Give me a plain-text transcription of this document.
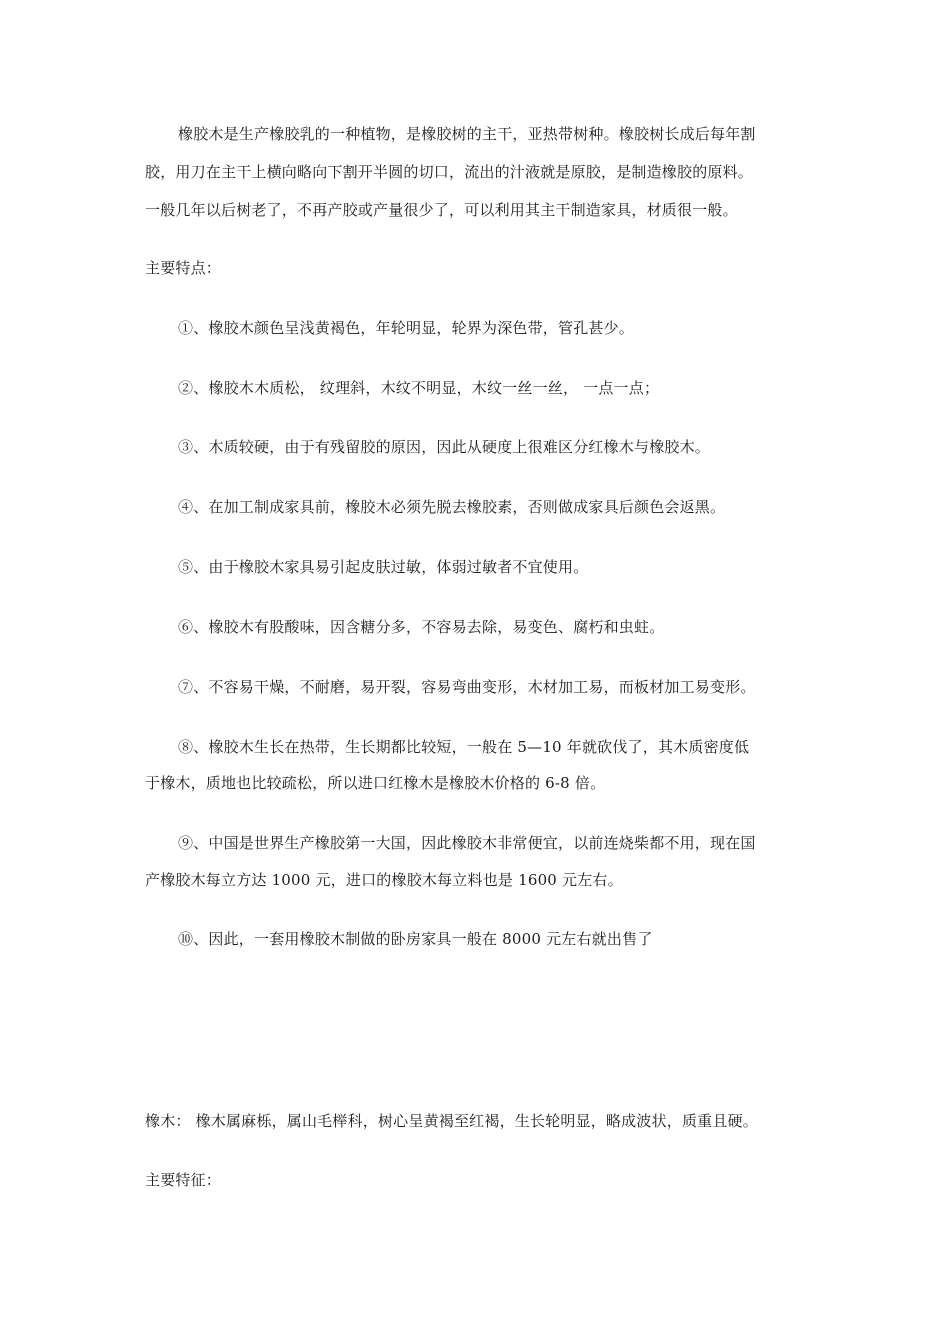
橡胶木是生产橡胶乳的一种植物，是橡胶树的主干，亚热带树种。橡胶树长成后每年割
胶，用刀在主干上横向略向下割开半圆的切口，流出的汁液就是原胶，是制造橡胶的原料。
一般几年以后树老了，不再产胶或产量很少了，可以利用其主干制造家具，材质很一般。
主要特点：
①、橡胶木颜色呈浅黄褐色，年轮明显，轮界为深色带，管孔甚少。
②、橡胶木木质松， 纹理斜，木纹不明显，木纹一丝一丝， 一点一点；
③、木质较硬，由于有残留胶的原因，因此从硬度上很难区分红橡木与橡胶木。
④、在加工制成家具前，橡胶木必须先脱去橡胶素，否则做成家具后颜色会返黑。
⑤、由于橡胶木家具易引起皮肤过敏，体弱过敏者不宜使用。
⑥、橡胶木有股酸味，因含糖分多，不容易去除，易变色、腐朽和虫蛀。
⑦、不容易干燥，不耐磨，易开裂，容易弯曲变形，木材加工易，而板材加工易变形。
⑧、橡胶木生长在热带，生长期都比较短，一般在 5—10 年就砍伐了，其木质密度低
于橡木，质地也比较疏松，所以进口红橡木是橡胶木价格的 6-8 倍。
⑨、中国是世界生产橡胶第一大国，因此橡胶木非常便宜，以前连烧柴都不用，现在国
产橡胶木每立方达 1000 元，进口的橡胶木每立料也是 1600 元左右。
⑩、因此，一套用橡胶木制做的卧房家具一般在 8000 元左右就出售了
橡木： 橡木属麻栎，属山毛榉科，树心呈黄褐至红褐，生长轮明显，略成波状，质重且硬。
主要特征：
